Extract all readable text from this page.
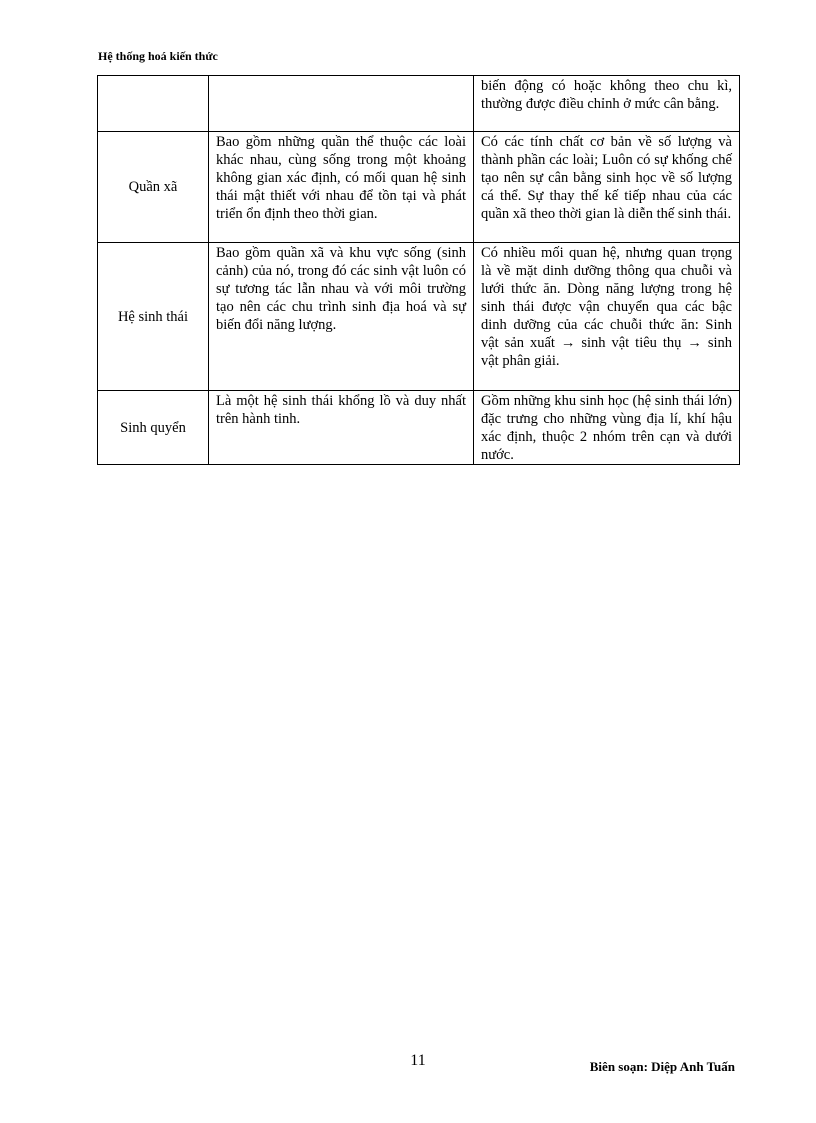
Hệ thống hoá kiến thức
		biến động có hoặc không theo chu kì, thường được điều chỉnh ở mức cân bằng.
Quần xã	Bao gồm những quần thể thuộc các loài khác nhau, cùng sống trong một khoảng không gian xác định, có mối quan hệ sinh thái mật thiết với nhau để tồn tại và phát triển ổn định theo thời gian.	Có các tính chất cơ bản về số lượng và thành phần các loài; Luôn có sự khống chế tạo nên sự cân bằng sinh học về số lượng cá thể. Sự thay thế kế tiếp nhau của các quần xã theo thời gian là diễn thế sinh thái.
Hệ sinh thái	Bao gồm quần xã và khu vực sống (sinh cảnh) của nó, trong đó các sinh vật luôn có sự tương tác lẫn nhau và với môi trường tạo nên các chu trình sinh địa hoá và sự biến đổi năng lượng.	Có nhiều mối quan hệ, nhưng quan trọng là về mặt dinh dưỡng thông qua chuỗi và lưới thức ăn. Dòng năng lượng trong hệ sinh thái được vận chuyển qua các bậc dinh dưỡng của các chuỗi thức ăn: Sinh vật sản xuất → sinh vật tiêu thụ → sinh vật phân giải.
Sinh quyển	Là một hệ sinh thái khổng lồ và duy nhất trên hành tinh.	Gồm những khu sinh học (hệ sinh thái lớn) đặc trưng cho những vùng địa lí, khí hậu xác định, thuộc 2 nhóm trên cạn và dưới nước.
11	Biên soạn: Diệp Anh Tuấn
